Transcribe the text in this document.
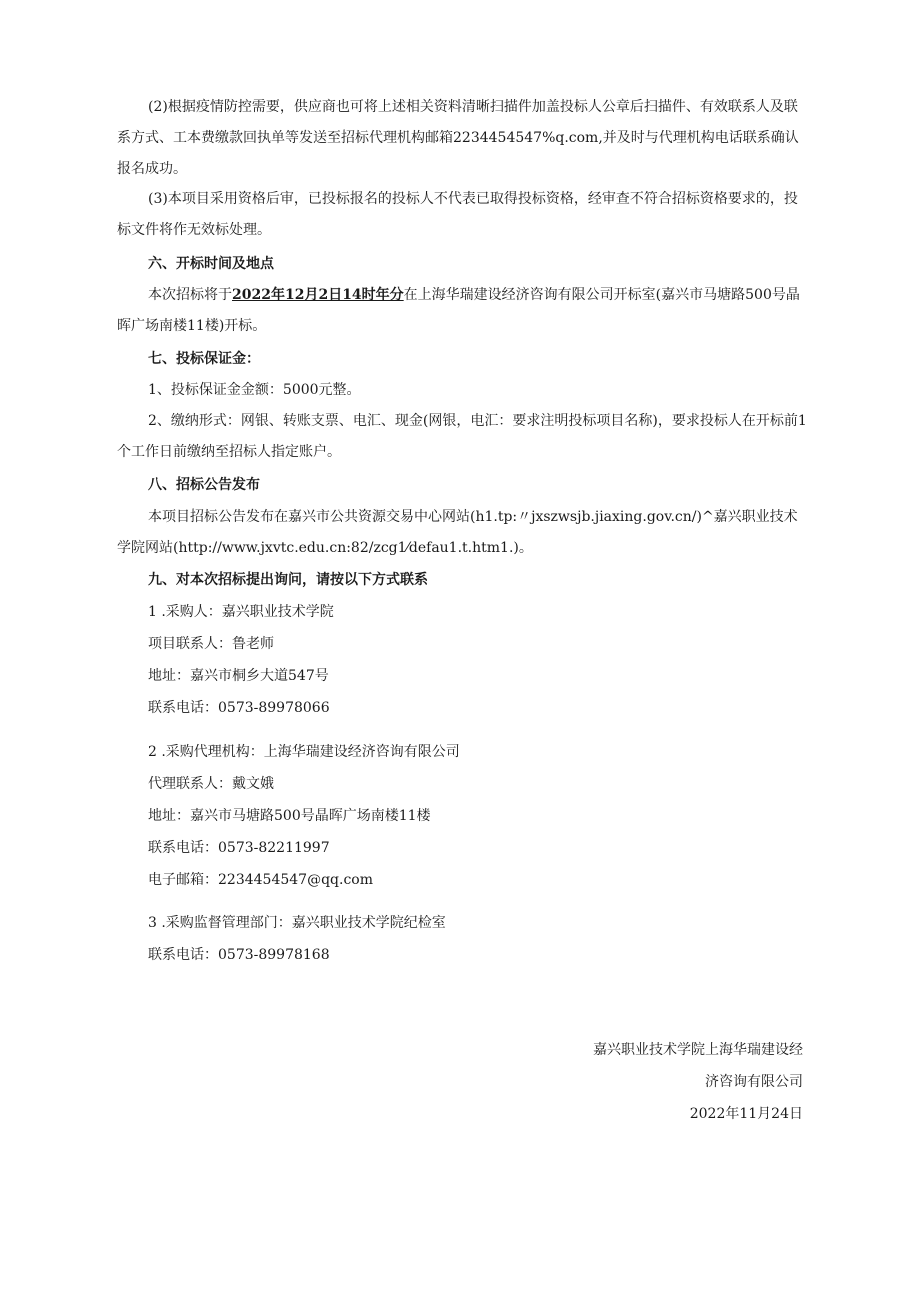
(2)根据疫情防控需要，供应商也可将上述相关资料清晰扫描件加盖投标人公章后扫描件、有效联系人及联系方式、工本费缴款回执单等发送至招标代理机构邮箱2234454547%q.com,并及时与代理机构电话联系确认报名成功。

(3)本项目采用资格后审，已投标报名的投标人不代表已取得投标资格，经审查不符合招标资格要求的，投标文件将作无效标处理。

六、开标时间及地点

本次招标将于2022年12月2日14时年分在上海华瑞建设经济咨询有限公司开标室(嘉兴市马塘路500号晶晖广场南楼11楼)开标。

七、投标保证金：

1、投标保证金金额：5000元整。

2、缴纳形式：网银、转账支票、电汇、现金(网银，电汇：要求注明投标项目名称)，要求投标人在开标前1个工作日前缴纳至招标人指定账户。

八、招标公告发布

本项目招标公告发布在嘉兴市公共资源交易中心网站(h1.tp:〃jxszwsjb.jiaxing.gov.cn/)^嘉兴职业技术学院网站(http://www.jxvtc.edu.cn:82/zcg1⁄defau1.t.htm1.)。

九、对本次招标提出询问，请按以下方式联系

1 .采购人：嘉兴职业技术学院

项目联系人：鲁老师

地址：嘉兴市桐乡大道547号

联系电话：0573-89978066

2 .采购代理机构：上海华瑞建设经济咨询有限公司

代理联系人：戴文娥

地址：嘉兴市马塘路500号晶晖广场南楼11楼

联系电话：0573-82211997

电子邮箱：2234454547@qq.com

3 .采购监督管理部门：嘉兴职业技术学院纪检室

联系电话：0573-89978168

嘉兴职业技术学院上海华瑞建设经

济咨询有限公司

2022年11月24日
